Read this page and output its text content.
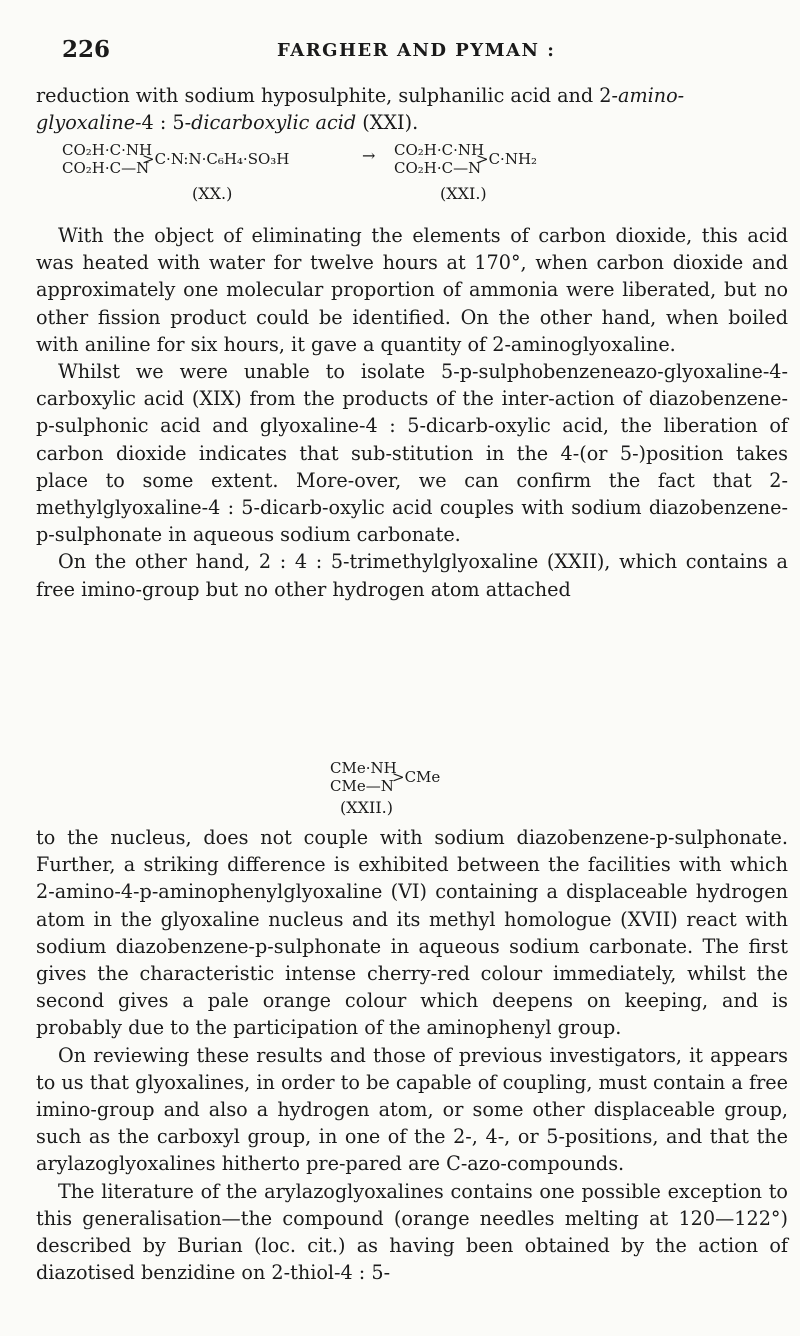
226	FARGHER AND PYMAN :

reduction with sodium hyposulphite, sulphanilic acid and 2-amino-

glyoxaline-4 : 5-dicarboxylic acid (XXI).

CO₂H·C·NH
CO₂H·C—N
>C·N:N·C₆H₄·SO₃H	→ CO₂H·C·NH
CO₂H·C—N
>C·NH₂
(XX.)	(XXI.)

With the object of eliminating the elements of carbon dioxide, this acid was heated with water for twelve hours at 170°, when carbon dioxide and approximately one molecular proportion of ammonia were liberated, but no other fission product could be identified. On the other hand, when boiled with aniline for six hours, it gave a quantity of 2-aminoglyoxaline.

Whilst we were unable to isolate 5-p-sulphobenzeneazo-glyoxaline-4-carboxylic acid (XIX) from the products of the inter-action of diazobenzene-p-sulphonic acid and glyoxaline-4 : 5-dicarb-oxylic acid, the liberation of carbon dioxide indicates that sub-stitution in the 4-(or 5-)position takes place to some extent. More-over, we can confirm the fact that 2-methylglyoxaline-4 : 5-dicarb-oxylic acid couples with sodium diazobenzene-p-sulphonate in aqueous sodium carbonate.

On the other hand, 2 : 4 : 5-trimethylglyoxaline (XXII), which contains a free imino-group but no other hydrogen atom attached

CMe·NH
CMe—N
>CMe
(XXII.)

to the nucleus, does not couple with sodium diazobenzene-p-sulphonate. Further, a striking difference is exhibited between the facilities with which 2-amino-4-p-aminophenylglyoxaline (VI) containing a displaceable hydrogen atom in the glyoxaline nucleus and its methyl homologue (XVII) react with sodium diazobenzene-p-sulphonate in aqueous sodium carbonate. The first gives the characteristic intense cherry-red colour immediately, whilst the second gives a pale orange colour which deepens on keeping, and is probably due to the participation of the aminophenyl group.

On reviewing these results and those of previous investigators, it appears to us that glyoxalines, in order to be capable of coupling, must contain a free imino-group and also a hydrogen atom, or some other displaceable group, such as the carboxyl group, in one of the 2-, 4-, or 5-positions, and that the arylazoglyoxalines hitherto pre-pared are C-azo-compounds.

The literature of the arylazoglyoxalines contains one possible exception to this generalisation—the compound (orange needles melting at 120—122°) described by Burian (loc. cit.) as having been obtained by the action of diazotised benzidine on 2-thiol-4 : 5-
